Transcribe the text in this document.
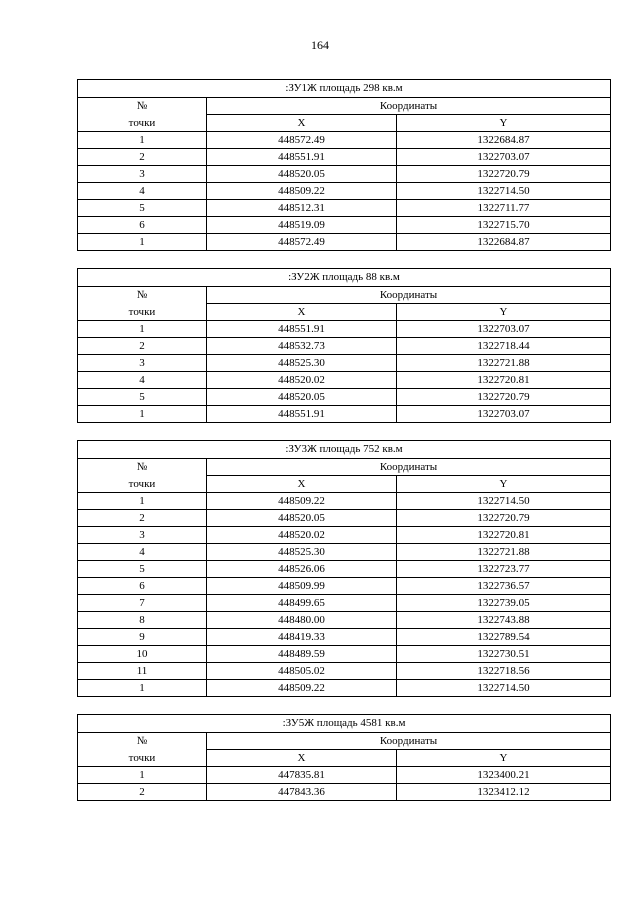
164
:ЗУ1Ж площадь 298 кв.м		
№	Координаты	
точки	X	Y
1	448572.49	1322684.87
2	448551.91	1322703.07
3	448520.05	1322720.79
4	448509.22	1322714.50
5	448512.31	1322711.77
6	448519.09	1322715.70
1	448572.49	1322684.87
:ЗУ2Ж площадь 88 кв.м		
№	Координаты	
точки	X	Y
1	448551.91	1322703.07
2	448532.73	1322718.44
3	448525.30	1322721.88
4	448520.02	1322720.81
5	448520.05	1322720.79
1	448551.91	1322703.07
:ЗУ3Ж площадь 752 кв.м		
№	Координаты	
точки	X	Y
1	448509.22	1322714.50
2	448520.05	1322720.79
3	448520.02	1322720.81
4	448525.30	1322721.88
5	448526.06	1322723.77
6	448509.99	1322736.57
7	448499.65	1322739.05
8	448480.00	1322743.88
9	448419.33	1322789.54
10	448489.59	1322730.51
11	448505.02	1322718.56
1	448509.22	1322714.50
:ЗУ5Ж площадь 4581 кв.м		
№	Координаты	
точки	X	Y
1	447835.81	1323400.21
2	447843.36	1323412.12
